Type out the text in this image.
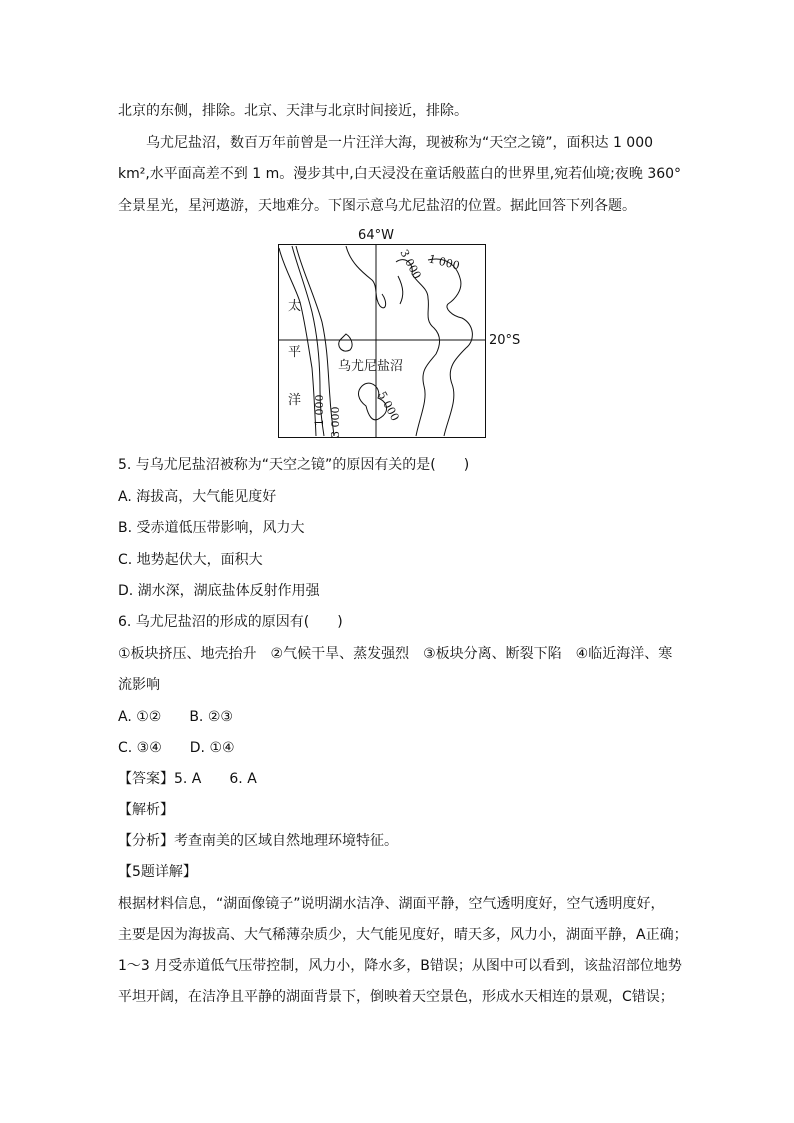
北京的东侧，排除。北京、天津与北京时间接近，排除。
乌尤尼盐沼，数百万年前曾是一片汪洋大海，现被称为“天空之镜”，面积达 1 000
km²,水平面高差不到 1 m。漫步其中,白天浸没在童话般蓝白的世界里,宛若仙境;夜晚 360°
全景星光，星河遨游，天地难分。下图示意乌尤尼盐沼的位置。据此回答下列各题。
64°W
20°S
太
平
洋
乌尤尼盐沼
3 000 1 000
1 000 3 000	5 000
5. 与乌尤尼盐沼被称为“天空之镜”的原因有关的是(　　)
A. 海拔高，大气能见度好
B. 受赤道低压带影响，风力大
C. 地势起伏大，面积大
D. 湖水深，湖底盐体反射作用强
6. 乌尤尼盐沼的形成的原因有(　　)
①板块挤压、地壳抬升　②气候干旱、蒸发强烈　③板块分离、断裂下陷　④临近海洋、寒
流影响
A. ①②　　B. ②③
C. ③④　　D. ①④
【答案】5. A　　6. A
【解析】
【分析】考查南美的区域自然地理环境特征。
【5题详解】
根据材料信息，“湖面像镜子”说明湖水洁净、湖面平静，空气透明度好，空气透明度好，
主要是因为海拔高、大气稀薄杂质少，大气能见度好，晴天多，风力小，湖面平静，A正确；
1～3 月受赤道低气压带控制，风力小，降水多，B错误；从图中可以看到，该盐沼部位地势
平坦开阔，在洁净且平静的湖面背景下，倒映着天空景色，形成水天相连的景观，C错误；
